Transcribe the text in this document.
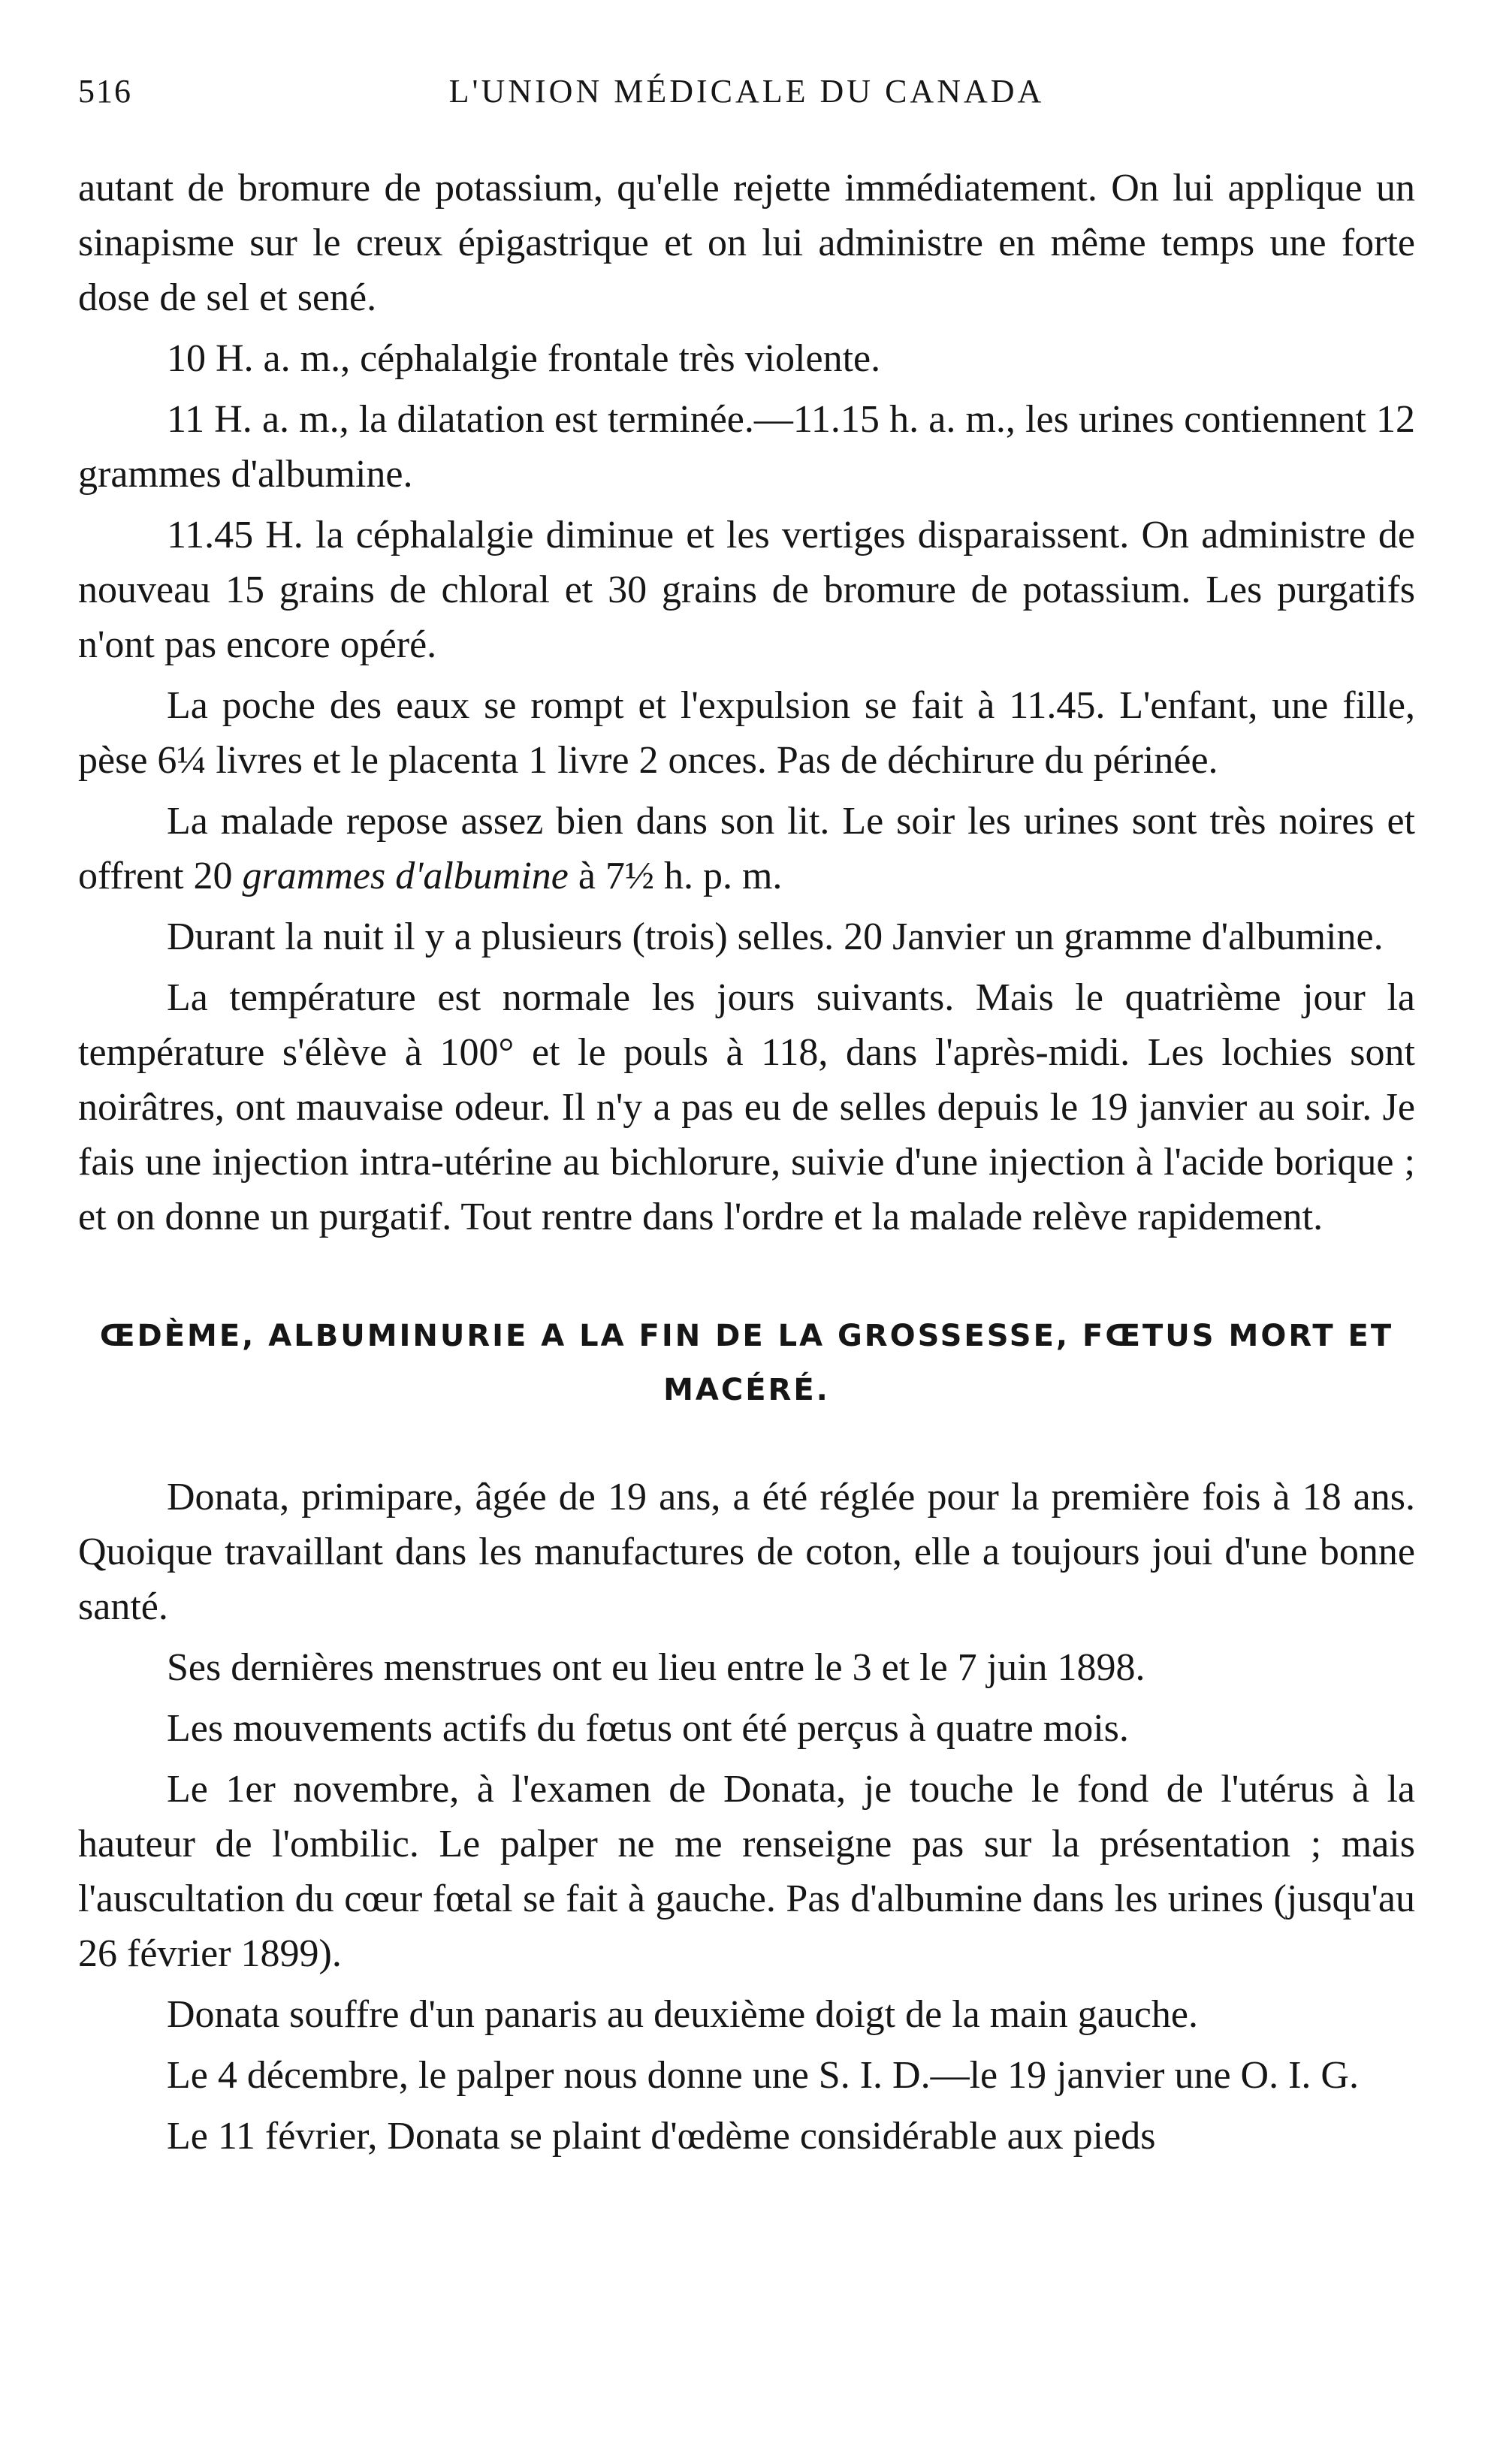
516	L'UNION MÉDICALE DU CANADA

autant de bromure de potassium, qu'elle rejette immédiatement. On lui applique un sinapisme sur le creux épigastrique et on lui administre en même temps une forte dose de sel et sené.

10 H. a. m., céphalalgie frontale très violente.

11 H. a. m., la dilatation est terminée.—11.15 h. a. m., les urines contiennent 12 grammes d'albumine.

11.45 H. la céphalalgie diminue et les vertiges disparaissent. On administre de nouveau 15 grains de chloral et 30 grains de bromure de potassium. Les purgatifs n'ont pas encore opéré.

La poche des eaux se rompt et l'expulsion se fait à 11.45. L'enfant, une fille, pèse 6¼ livres et le placenta 1 livre 2 onces. Pas de déchirure du périnée.

La malade repose assez bien dans son lit. Le soir les urines sont très noires et offrent 20 grammes d'albumine à 7½ h. p. m.

Durant la nuit il y a plusieurs (trois) selles. 20 Janvier un gramme d'albumine.

La température est normale les jours suivants. Mais le quatrième jour la température s'élève à 100° et le pouls à 118, dans l'après-midi. Les lochies sont noirâtres, ont mauvaise odeur. Il n'y a pas eu de selles depuis le 19 janvier au soir. Je fais une injection intra-utérine au bichlorure, suivie d'une injection à l'acide borique ; et on donne un purgatif. Tout rentre dans l'ordre et la malade relève rapidement.

ŒDÈME, ALBUMINURIE A LA FIN DE LA GROSSESSE, FŒTUS MORT ET MACÉRÉ.

Donata, primipare, âgée de 19 ans, a été réglée pour la première fois à 18 ans. Quoique travaillant dans les manufactures de coton, elle a toujours joui d'une bonne santé.

Ses dernières menstrues ont eu lieu entre le 3 et le 7 juin 1898.

Les mouvements actifs du fœtus ont été perçus à quatre mois.

Le 1er novembre, à l'examen de Donata, je touche le fond de l'utérus à la hauteur de l'ombilic. Le palper ne me renseigne pas sur la présentation ; mais l'auscultation du cœur fœtal se fait à gauche. Pas d'albumine dans les urines (jusqu'au 26 février 1899).

Donata souffre d'un panaris au deuxième doigt de la main gauche.

Le 4 décembre, le palper nous donne une S. I. D.—le 19 janvier une O. I. G.

Le 11 février, Donata se plaint d'œdème considérable aux pieds
